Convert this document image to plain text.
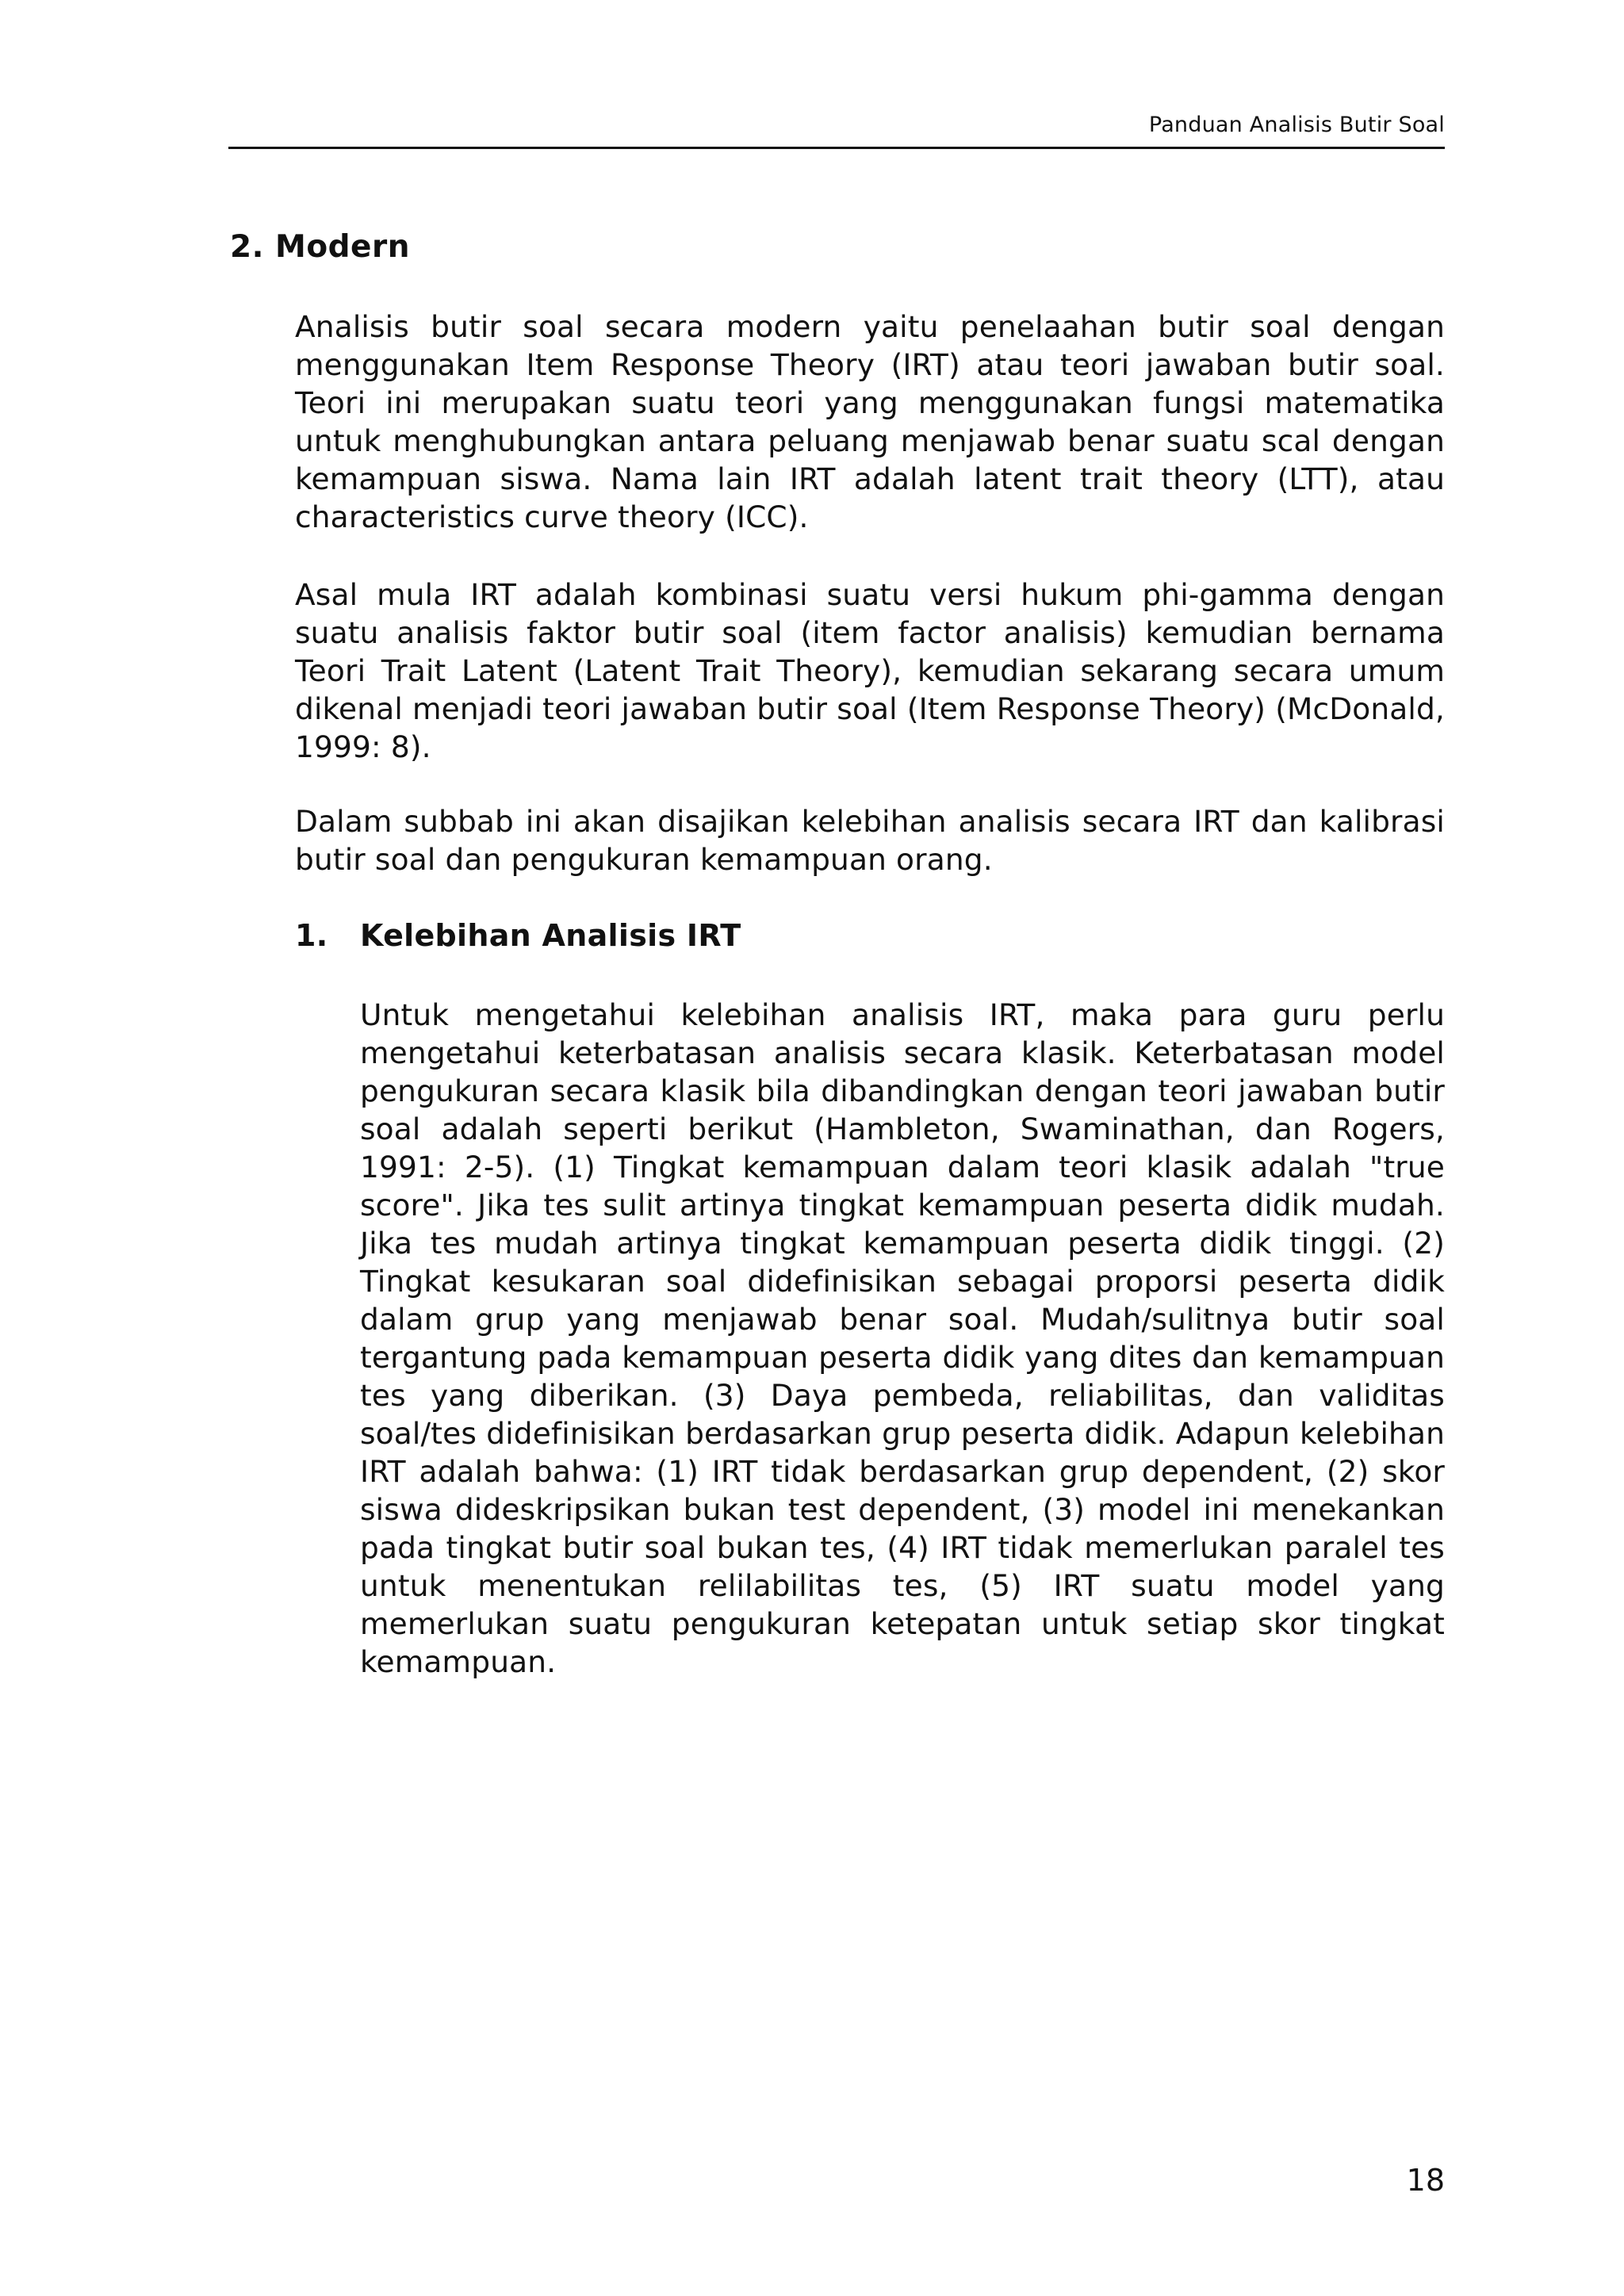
Panduan Analisis Butir Soal
2. Modern

Analisis butir soal secara modern yaitu penelaahan butir soal dengan menggunakan Item Response Theory (IRT) atau teori jawaban butir soal. Teori ini merupakan suatu teori yang menggunakan fungsi matematika untuk menghubungkan antara peluang menjawab benar suatu scal dengan kemampuan siswa. Nama lain IRT adalah latent trait theory (LTT), atau characteristics curve theory (ICC).

Asal mula IRT adalah kombinasi suatu versi hukum phi-gamma dengan suatu analisis faktor butir soal (item factor analisis) kemudian bernama Teori Trait Latent (Latent Trait Theory), kemudian sekarang secara umum dikenal menjadi teori jawaban butir soal (Item Response Theory) (McDonald, 1999: 8).

Dalam subbab ini akan disajikan kelebihan analisis secara IRT dan kalibrasi butir soal dan pengukuran kemampuan orang.

1. Kelebihan Analisis IRT

Untuk mengetahui kelebihan analisis IRT, maka para guru perlu mengetahui keterbatasan analisis secara klasik. Keterbatasan model pengukuran secara klasik bila dibandingkan dengan teori jawaban butir soal adalah seperti berikut (Hambleton, Swaminathan, dan Rogers, 1991: 2-5). (1) Tingkat kemampuan dalam teori klasik adalah "true score". Jika tes sulit artinya tingkat kemampuan peserta didik mudah. Jika tes mudah artinya tingkat kemampuan peserta didik tinggi. (2) Tingkat kesukaran soal didefinisikan sebagai proporsi peserta didik dalam grup yang menjawab benar soal. Mudah/sulitnya butir soal tergantung pada kemampuan peserta didik yang dites dan kemampuan tes yang diberikan. (3) Daya pembeda, reliabilitas, dan validitas soal/tes didefinisikan berdasarkan grup peserta didik. Adapun kelebihan IRT adalah bahwa: (1) IRT tidak berdasarkan grup dependent, (2) skor siswa dideskripsikan bukan test dependent, (3) model ini menekankan pada tingkat butir soal bukan tes, (4) IRT tidak memerlukan paralel tes untuk menentukan relilabilitas tes, (5) IRT suatu model yang memerlukan suatu pengukuran ketepatan untuk setiap skor tingkat kemampuan.

18
